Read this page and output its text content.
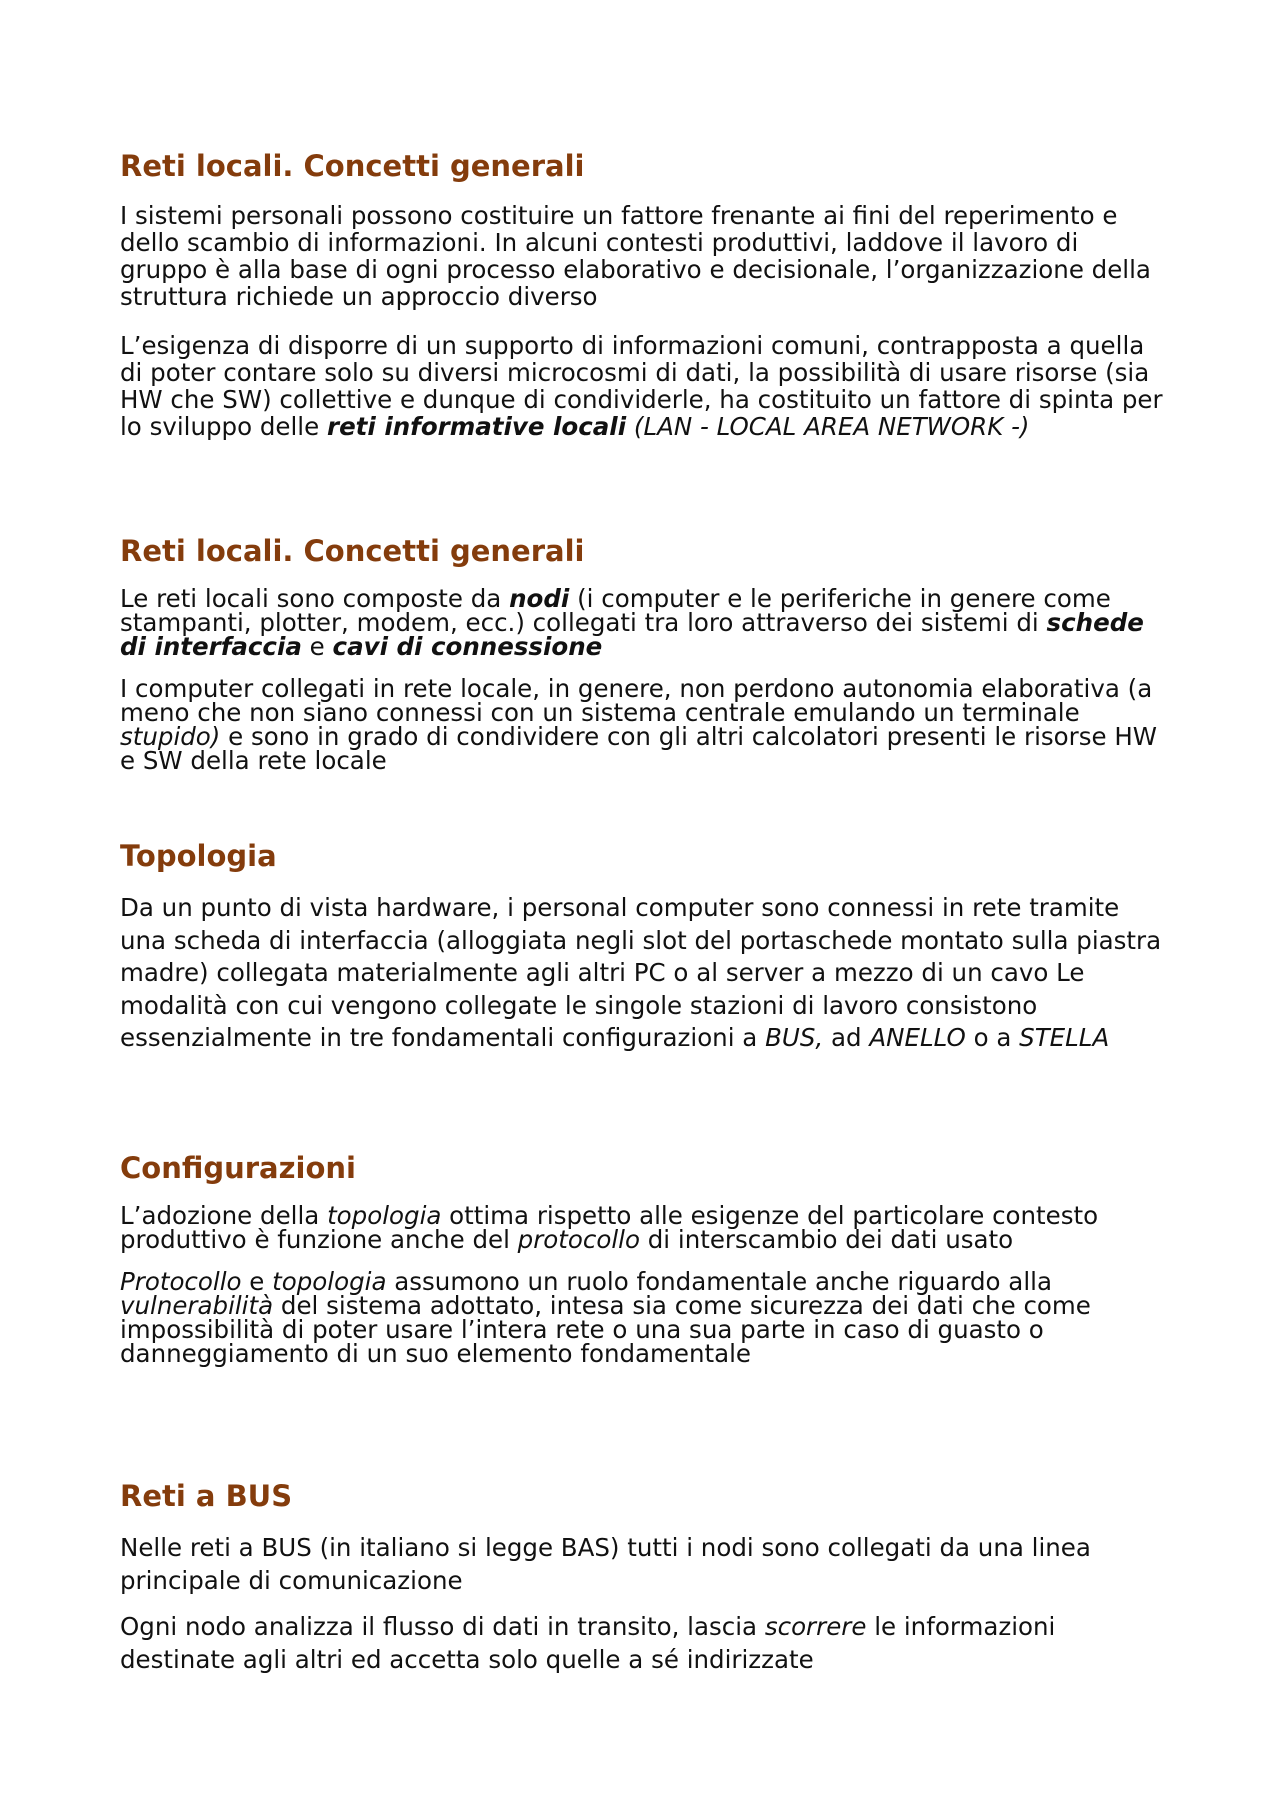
Reti locali. Concetti generali

I sistemi personali possono costituire un fattore frenante ai fini del reperimento e dello scambio di informazioni. In alcuni contesti produttivi, laddove il lavoro di gruppo è alla base di ogni processo elaborativo e decisionale, l’organizzazione della struttura richiede un approccio diverso

L’esigenza di disporre di un supporto di informazioni comuni, contrapposta a quella di poter contare solo su diversi microcosmi di dati, la possibilità di usare risorse (sia HW che SW) collettive e dunque di condividerle, ha costituito un fattore di spinta per lo sviluppo delle reti informative locali (LAN - LOCAL AREA NETWORK -)

Reti locali. Concetti generali

Le reti locali sono composte da nodi (i computer e le periferiche in genere come stampanti, plotter, modem, ecc.) collegati tra loro attraverso dei sistemi di schede di interfaccia e cavi di connessione

I computer collegati in rete locale, in genere, non perdono autonomia elaborativa (a meno che non siano connessi con un sistema centrale emulando un terminale stupido) e sono in grado di condividere con gli altri calcolatori presenti le risorse HW e SW della rete locale

Topologia

Da un punto di vista hardware, i personal computer sono connessi in rete tramite una scheda di interfaccia (alloggiata negli slot del portaschede montato sulla piastra madre) collegata materialmente agli altri PC o al server a mezzo di un cavo Le modalità con cui vengono collegate le singole stazioni di lavoro consistono essenzialmente in tre fondamentali configurazioni a BUS, ad ANELLO o a STELLA

Configurazioni

L’adozione della topologia ottima rispetto alle esigenze del particolare contesto produttivo è funzione anche del protocollo di interscambio dei dati usato

Protocollo e topologia assumono un ruolo fondamentale anche riguardo alla vulnerabilità del sistema adottato, intesa sia come sicurezza dei dati che come impossibilità di poter usare l’intera rete o una sua parte in caso di guasto o danneggiamento di un suo elemento fondamentale

Reti a BUS

Nelle reti a BUS (in italiano si legge BAS) tutti i nodi sono collegati da una linea principale di comunicazione

Ogni nodo analizza il flusso di dati in transito, lascia scorrere le informazioni destinate agli altri ed accetta solo quelle a sé indirizzate
